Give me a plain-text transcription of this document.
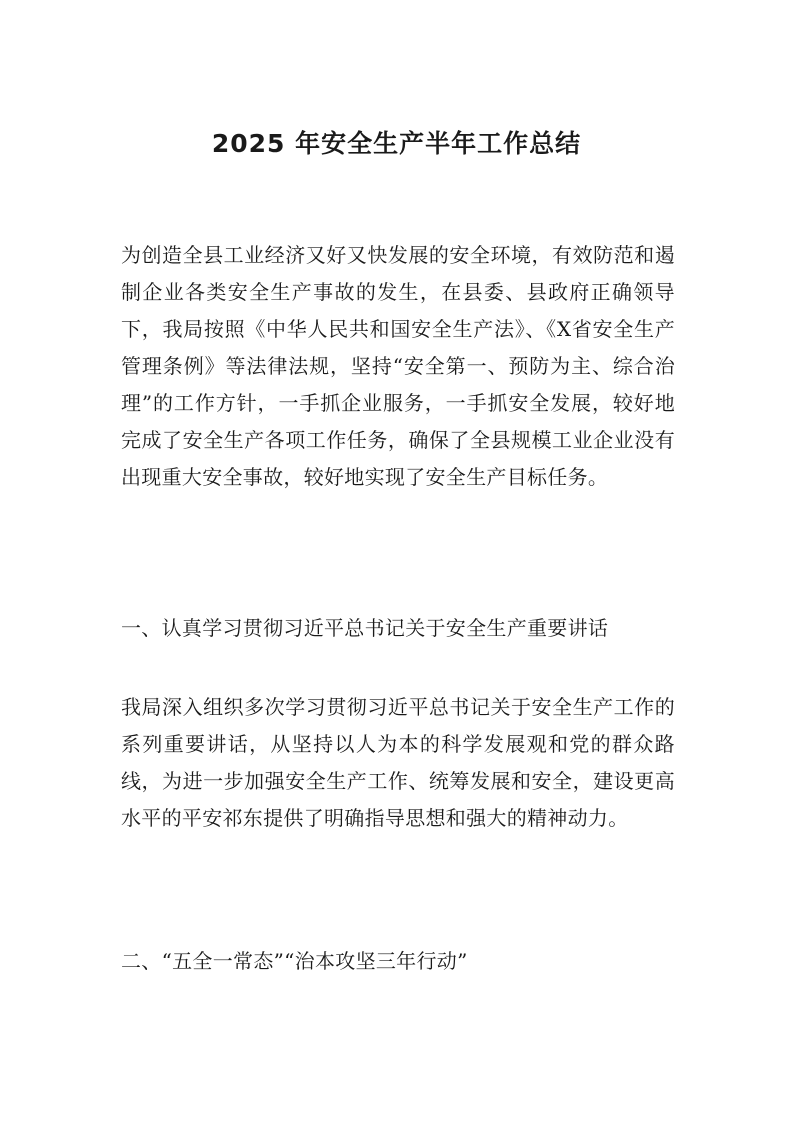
2025 年安全生产半年工作总结

为创造全县工业经济又好又快发展的安全环境，有效防范和遏制企业各类安全生产事故的发生，在县委、县政府正确领导下，我局按照《中华人民共和国安全生产法》、《X省安全生产管理条例》等法律法规，坚持“安全第一、预防为主、综合治理”的工作方针，一手抓企业服务，一手抓安全发展，较好地完成了安全生产各项工作任务，确保了全县规模工业企业没有出现重大安全事故，较好地实现了安全生产目标任务。

一、认真学习贯彻习近平总书记关于安全生产重要讲话

我局深入组织多次学习贯彻习近平总书记关于安全生产工作的系列重要讲话，从坚持以人为本的科学发展观和党的群众路线，为进一步加强安全生产工作、统筹发展和安全，建设更高水平的平安祁东提供了明确指导思想和强大的精神动力。

二、“五全一常态”“治本攻坚三年行动”
